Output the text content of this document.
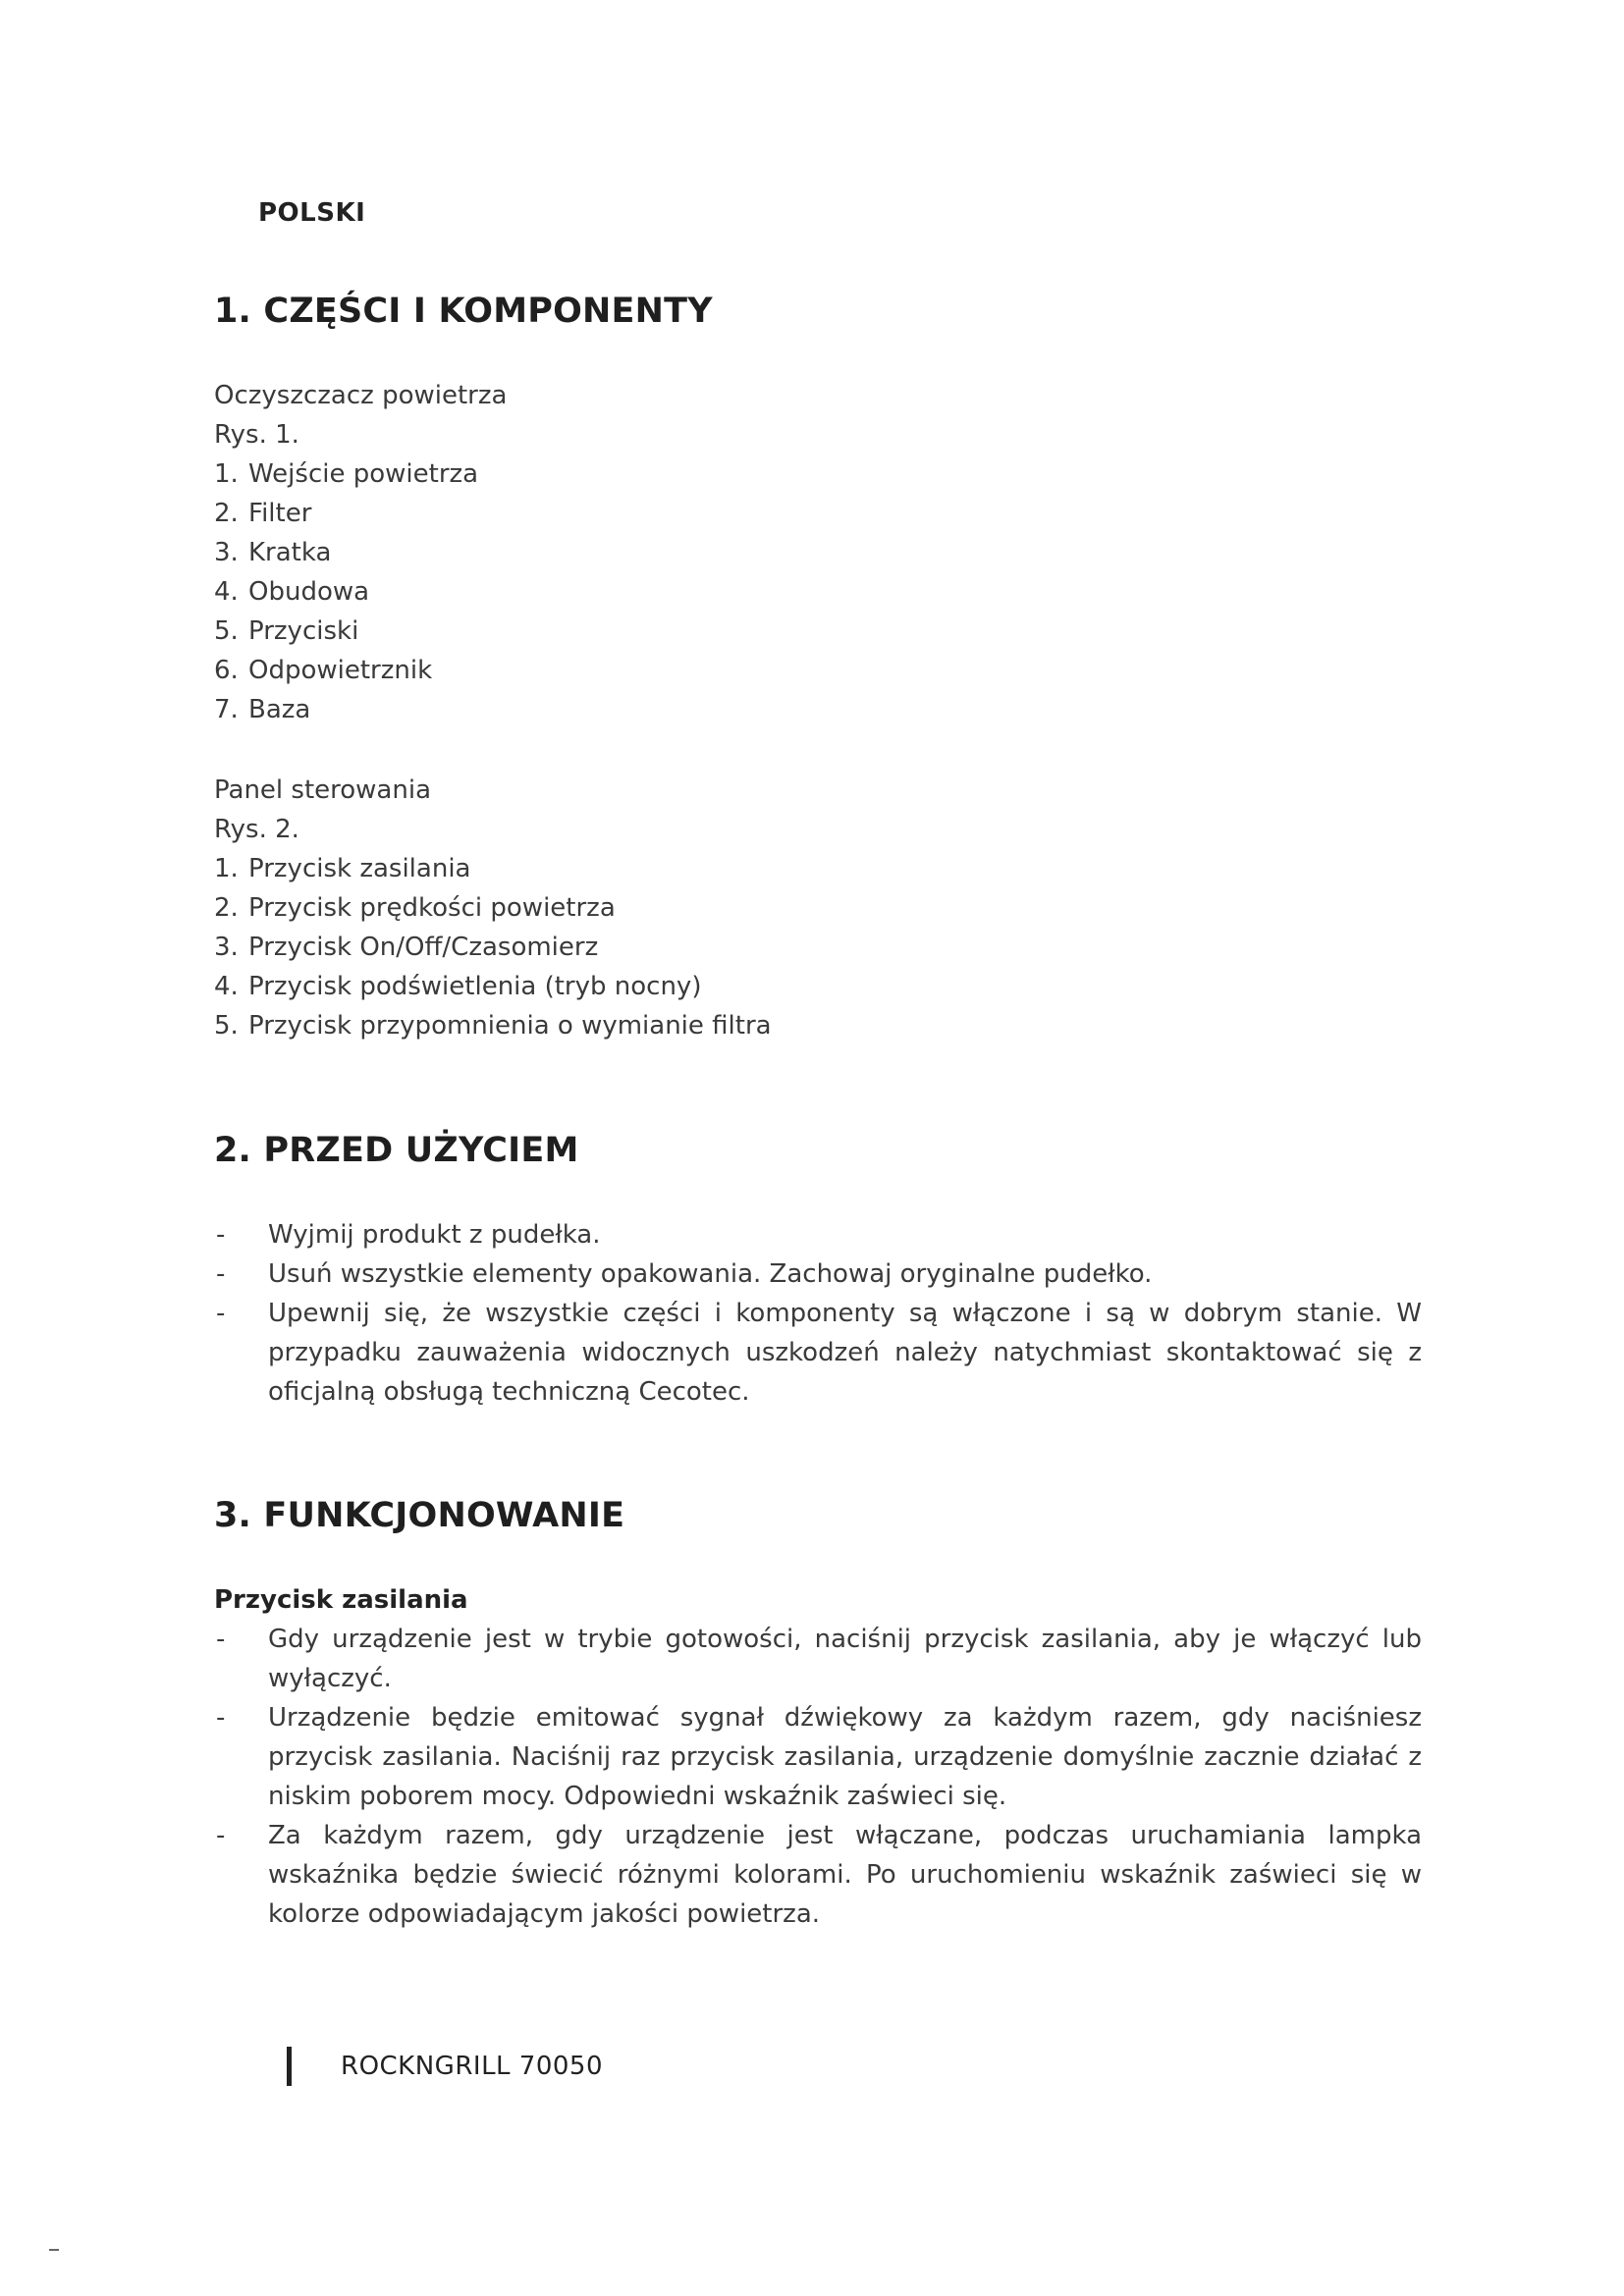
POLSKI
1. CZĘŚCI I KOMPONENTY
Oczyszczacz powietrza
Rys. 1.
1. Wejście powietrza
2. Filter
3. Kratka
4. Obudowa
5. Przyciski
6. Odpowietrznik
7. Baza
Panel sterowania
Rys. 2.
1. Przycisk zasilania
2. Przycisk prędkości powietrza
3. Przycisk On/Off/Czasomierz
4. Przycisk podświetlenia (tryb nocny)
5. Przycisk przypomnienia o wymianie filtra
2. PRZED UŻYCIEM
- Wyjmij produkt z pudełka.
- Usuń wszystkie elementy opakowania. Zachowaj oryginalne pudełko.
- Upewnij się, że wszystkie części i komponenty są włączone i są w dobrym stanie. W przypadku zauważenia widocznych uszkodzeń należy natychmiast skontaktować się z oficjalną obsługą techniczną Cecotec.
3. FUNKCJONOWANIE
Przycisk zasilania
- Gdy urządzenie jest w trybie gotowości, naciśnij przycisk zasilania, aby je włączyć lub wyłączyć.
- Urządzenie będzie emitować sygnał dźwiękowy za każdym razem, gdy naciśniesz przycisk zasilania. Naciśnij raz przycisk zasilania, urządzenie domyślnie zacznie działać z niskim poborem mocy. Odpowiedni wskaźnik zaświeci się.
- Za każdym razem, gdy urządzenie jest włączane, podczas uruchamiania lampka wskaźnika będzie świecić różnymi kolorami. Po uruchomieniu wskaźnik zaświeci się w kolorze odpowiadającym jakości powietrza.
ROCKNGRILL 70050
